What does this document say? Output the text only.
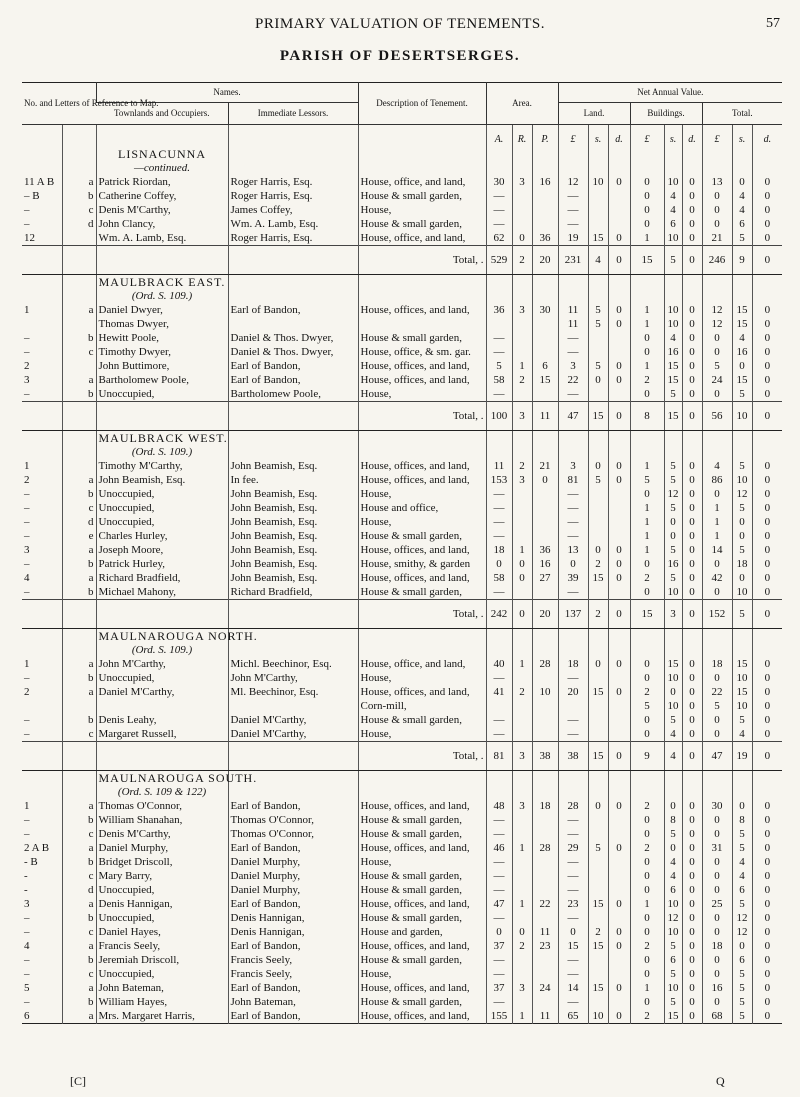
PRIMARY VALUATION OF TENEMENTS.	57
PARISH OF DESERTSERGES.
No. and Letters of Reference to Map.		Names.		Description of Tenement.	Area.			Net Annual Value.								
		Townlands and Occupiers.	Immediate Lessors.					Land.			Buildings.			Total.		
					A.	R.	P.	£	s.	d.	£	s.	d.	£	s.	d.
		LISNACUNNA														
		—continued.														
11 A B	a	Patrick Riordan,	Roger Harris, Esq.	House, office, and land,	30	3	16	12	10	0	0	10	0	13	0	0
– B	b	Catherine Coffey,	Roger Harris, Esq.	House & small garden,	—			—			0	4	0	0	4	0
–	c	Denis M'Carthy,	James Coffey,	House,	—			—			0	4	0	0	4	0
–	d	John Clancy,	Wm. A. Lamb, Esq.	House & small garden,	—			—			0	6	0	0	6	0
12		Wm. A. Lamb, Esq.	Roger Harris, Esq.	House, office, and land,	62	0	36	19	15	0	1	10	0	21	5	0
				Total, .	529	2	20	231	4	0	15	5	0	246	9	0
		MAULBRACK EAST.														
		(Ord. S. 109.)														
1	a	Daniel Dwyer,	Earl of Bandon,	House, offices, and land,	36	3	30	11	5	0	1	10	0	12	15	0
		Thomas Dwyer,						11	5	0	1	10	0	12	15	0
–	b	Hewitt Poole,	Daniel & Thos. Dwyer,	House & small garden,	—			—			0	4	0	0	4	0
–	c	Timothy Dwyer,	Daniel & Thos. Dwyer,	House, office, & sm. gar.	—			—			0	16	0	0	16	0
2		John Buttimore,	Earl of Bandon,	House, offices, and land,	5	1	6	3	5	0	1	15	0	5	0	0
3	a	Bartholomew Poole,	Earl of Bandon,	House, offices, and land,	58	2	15	22	0	0	2	15	0	24	15	0
–	b	Unoccupied,	Bartholomew Poole,	House,	—			—			0	5	0	0	5	0
				Total, .	100	3	11	47	15	0	8	15	0	56	10	0
		MAULBRACK WEST.														
		(Ord. S. 109.)														
1		Timothy M'Carthy,	John Beamish, Esq.	House, offices, and land,	11	2	21	3	0	0	1	5	0	4	5	0
2	a	John Beamish, Esq.	In fee.	House, offices, and land,	153	3	0	81	5	0	5	5	0	86	10	0
–	b	Unoccupied,	John Beamish, Esq.	House,	—			—			0	12	0	0	12	0
–	c	Unoccupied,	John Beamish, Esq.	House and office,	—			—			1	5	0	1	5	0
–	d	Unoccupied,	John Beamish, Esq.	House,	—			—			1	0	0	1	0	0
–	e	Charles Hurley,	John Beamish, Esq.	House & small garden,	—			—			1	0	0	1	0	0
3	a	Joseph Moore,	John Beamish, Esq.	House, offices, and land,	18	1	36	13	0	0	1	5	0	14	5	0
–	b	Patrick Hurley,	John Beamish, Esq.	House, smithy, & garden	0	0	16	0	2	0	0	16	0	0	18	0
4	a	Richard Bradfield,	John Beamish, Esq.	House, offices, and land,	58	0	27	39	15	0	2	5	0	42	0	0
–	b	Michael Mahony,	Richard Bradfield,	House & small garden,	—			—			0	10	0	0	10	0
				Total, .	242	0	20	137	2	0	15	3	0	152	5	0
		MAULNAROUGA NORTH.														
		(Ord. S. 109.)														
1	a	John M'Carthy,	Michl. Beechinor, Esq.	House, office, and land,	40	1	28	18	0	0	0	15	0	18	15	0
–	b	Unoccupied,	John M'Carthy,	House,	—			—			0	10	0	0	10	0
2	a	Daniel M'Carthy,	Ml. Beechinor, Esq.	House, offices, and land,	41	2	10	20	15	0	2	0	0	22	15	0
				Corn-mill,							5	10	0	5	10	0
–	b	Denis Leahy,	Daniel M'Carthy,	House & small garden,	—			—			0	5	0	0	5	0
–	c	Margaret Russell,	Daniel M'Carthy,	House,	—			—			0	4	0	0	4	0
				Total, .	81	3	38	38	15	0	9	4	0	47	19	0
		MAULNAROUGA SOUTH.														
		(Ord. S. 109 & 122)														
1	a	Thomas O'Connor,	Earl of Bandon,	House, offices, and land,	48	3	18	28	0	0	2	0	0	30	0	0
–	b	William Shanahan,	Thomas O'Connor,	House & small garden,	—			—			0	8	0	0	8	0
–	c	Denis M'Carthy,	Thomas O'Connor,	House & small garden,	—			—			0	5	0	0	5	0
2 A B	a	Daniel Murphy,	Earl of Bandon,	House, offices, and land,	46	1	28	29	5	0	2	0	0	31	5	0
- B	b	Bridget Driscoll,	Daniel Murphy,	House,	—			—			0	4	0	0	4	0
-	c	Mary Barry,	Daniel Murphy,	House & small garden,	—			—			0	4	0	0	4	0
-	d	Unoccupied,	Daniel Murphy,	House & small garden,	—			—			0	6	0	0	6	0
3	a	Denis Hannigan,	Earl of Bandon,	House, offices, and land,	47	1	22	23	15	0	1	10	0	25	5	0
–	b	Unoccupied,	Denis Hannigan,	House & small garden,	—			—			0	12	0	0	12	0
–	c	Daniel Hayes,	Denis Hannigan,	House and garden,	0	0	11	0	2	0	0	10	0	0	12	0
4	a	Francis Seely,	Earl of Bandon,	House, offices, and land,	37	2	23	15	15	0	2	5	0	18	0	0
–	b	Jeremiah Driscoll,	Francis Seely,	House & small garden,	—			—			0	6	0	0	6	0
–	c	Unoccupied,	Francis Seely,	House,	—			—			0	5	0	0	5	0
5	a	John Bateman,	Earl of Bandon,	House, offices, and land,	37	3	24	14	15	0	1	10	0	16	5	0
–	b	William Hayes,	John Bateman,	House & small garden,	—			—			0	5	0	0	5	0
6	a	Mrs. Margaret Harris,	Earl of Bandon,	House, offices, and land,	155	1	11	65	10	0	2	15	0	68	5	0
[C]	Q
